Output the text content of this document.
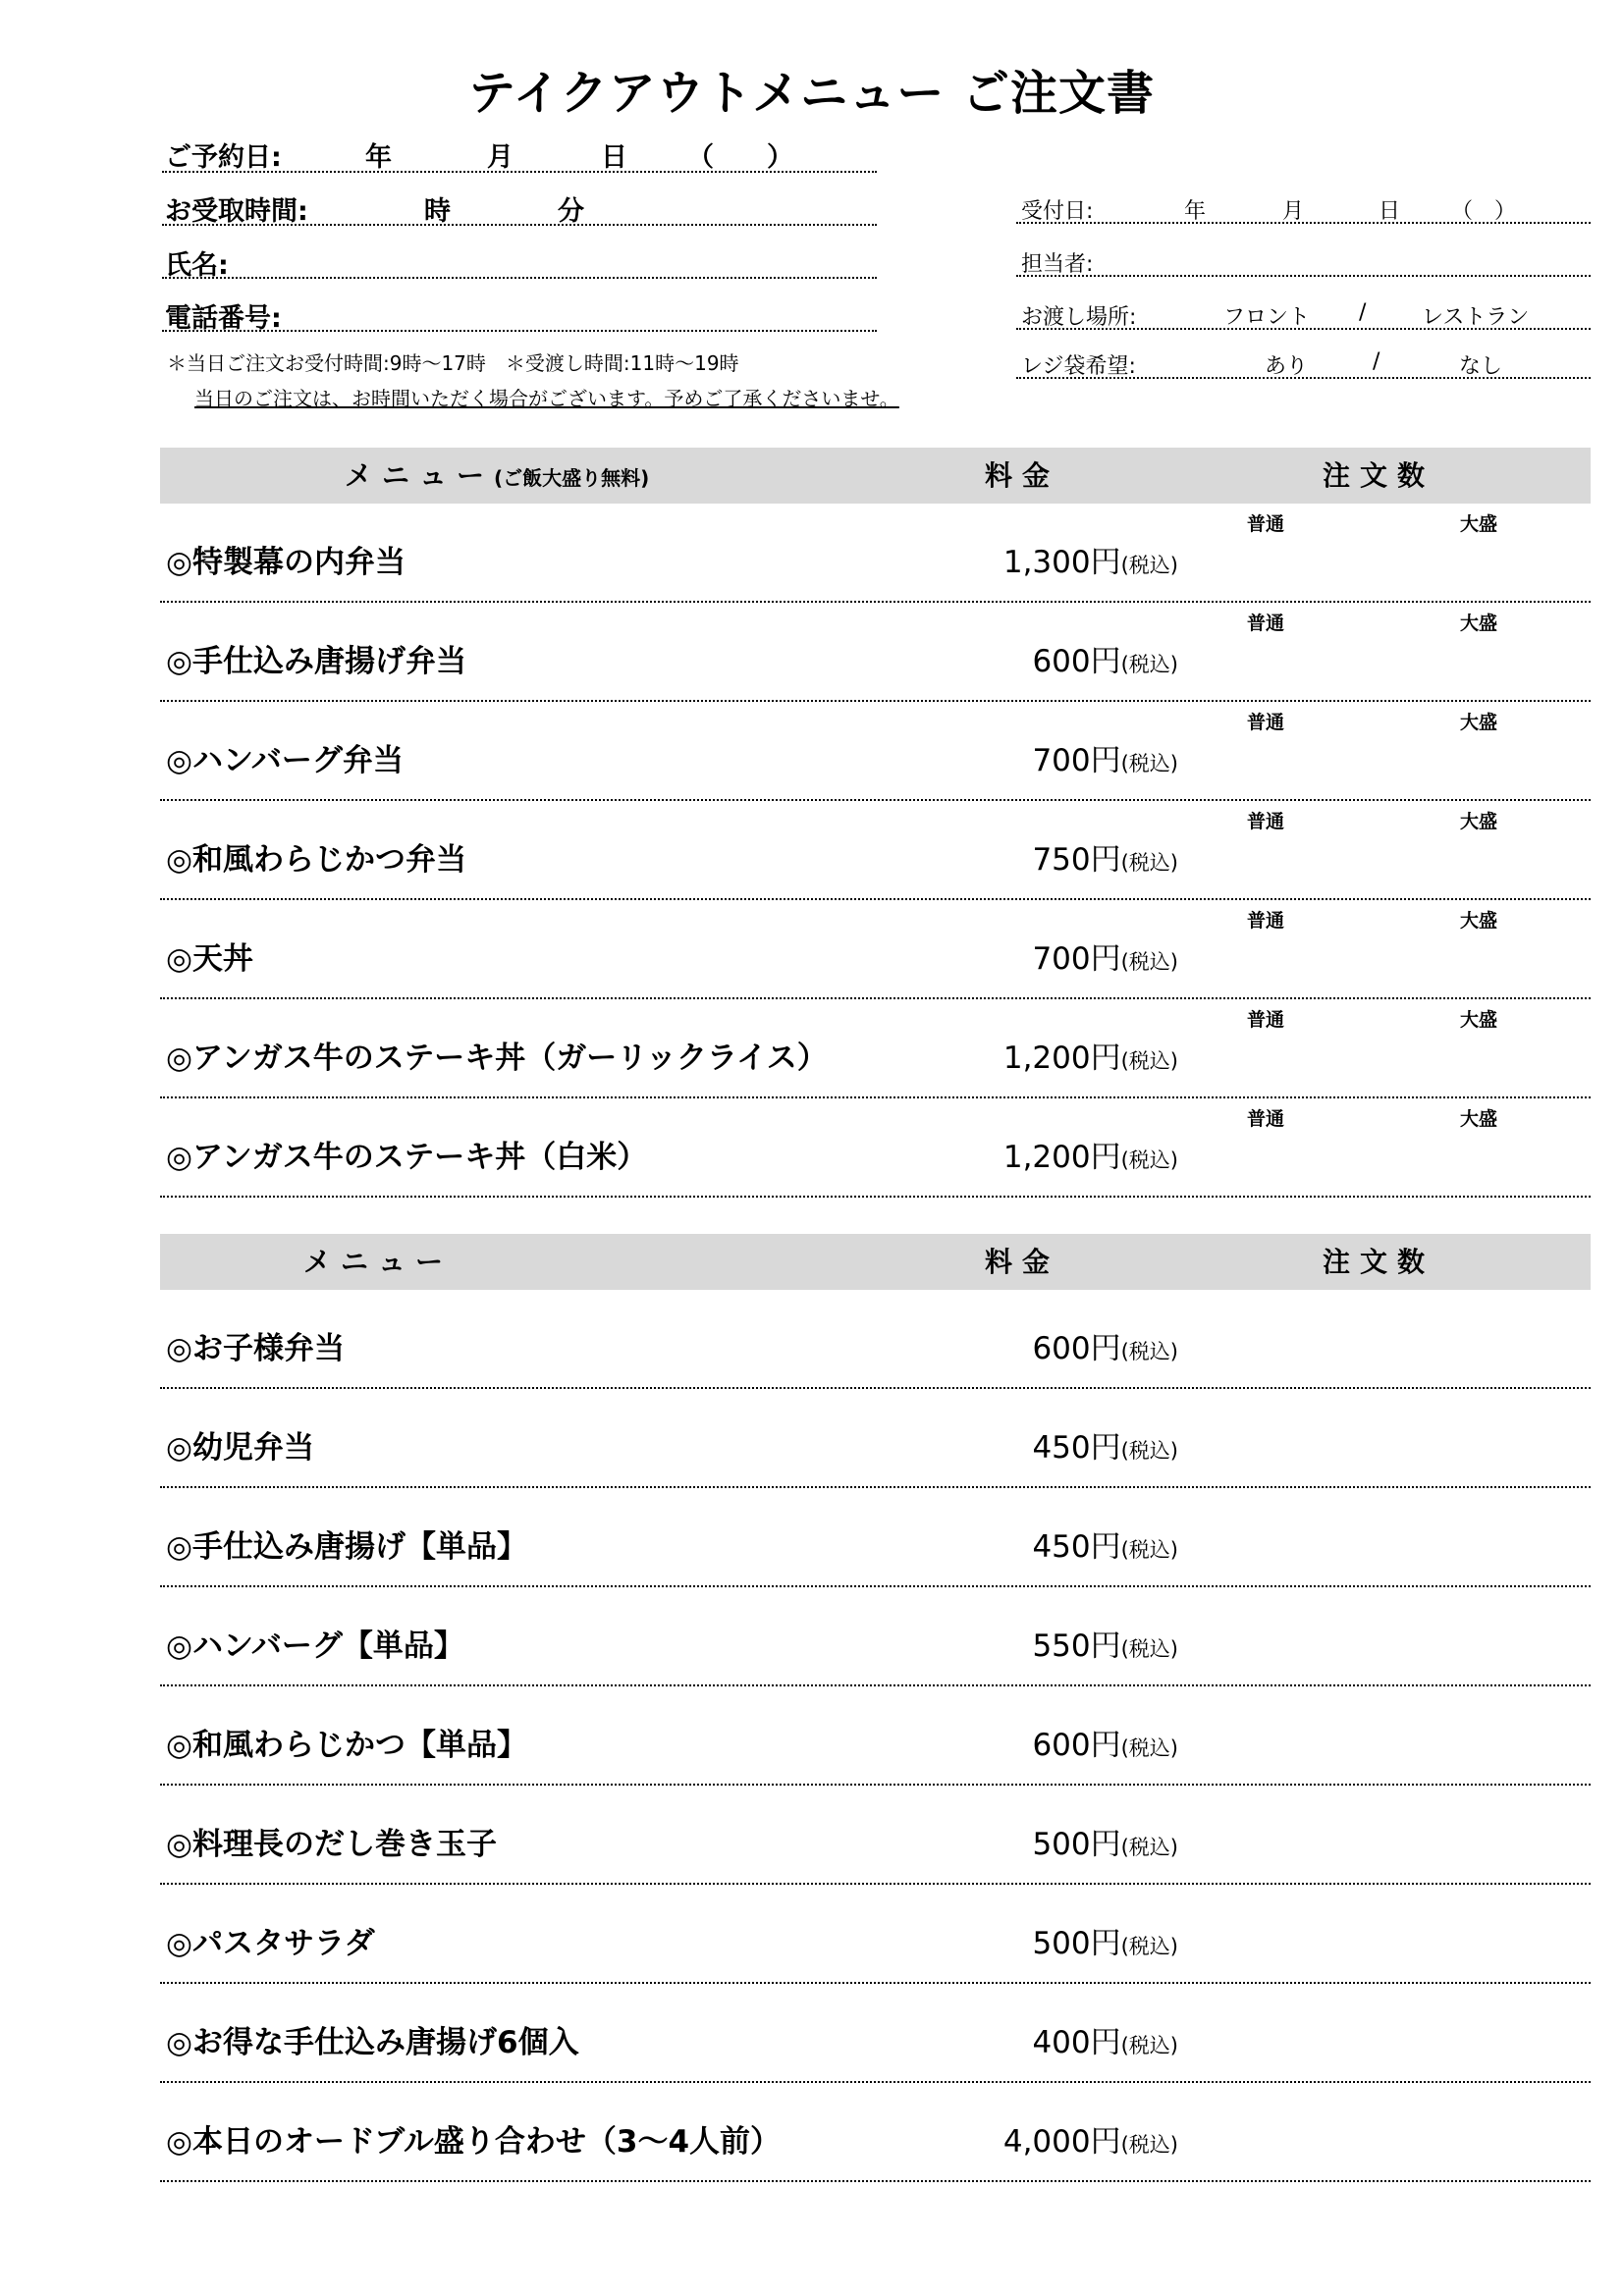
テイクアウトメニュー ご注文書
ご予約日:	年	月	日 （　　）
お受取時間:	時	分
氏名:
電話番号:
＊当日ご注文お受付時間:9時～17時　＊受渡し時間:11時～19時
当日のご注文は、お時間いただく場合がございます。予めご了承くださいませ。
受付日:	年	月	日 （　）
担当者:
お渡し場所:	フロント /	レストラン
レジ袋希望:	あり	/	なし
メニュー(ご飯大盛り無料)	料金	注文数
◎特製幕の内弁当	1,300円(税込)
普通	大盛
◎手仕込み唐揚げ弁当	600円(税込)
普通	大盛
◎ハンバーグ弁当	700円(税込)
普通	大盛
◎和風わらじかつ弁当	750円(税込)
普通	大盛
◎天丼	700円(税込)
普通	大盛
◎アンガス牛のステーキ丼（ガーリックライス）	1,200円(税込)
普通	大盛
◎アンガス牛のステーキ丼（白米）	1,200円(税込)
普通	大盛
メニュー	料金	注文数
◎お子様弁当	600円(税込)
◎幼児弁当	450円(税込)
◎手仕込み唐揚げ【単品】	450円(税込)
◎ハンバーグ【単品】	550円(税込)
◎和風わらじかつ【単品】	600円(税込)
◎料理長のだし巻き玉子	500円(税込)
◎パスタサラダ	500円(税込)
◎お得な手仕込み唐揚げ6個入	400円(税込)
◎本日のオードブル盛り合わせ（3～4人前）	4,000円(税込)
